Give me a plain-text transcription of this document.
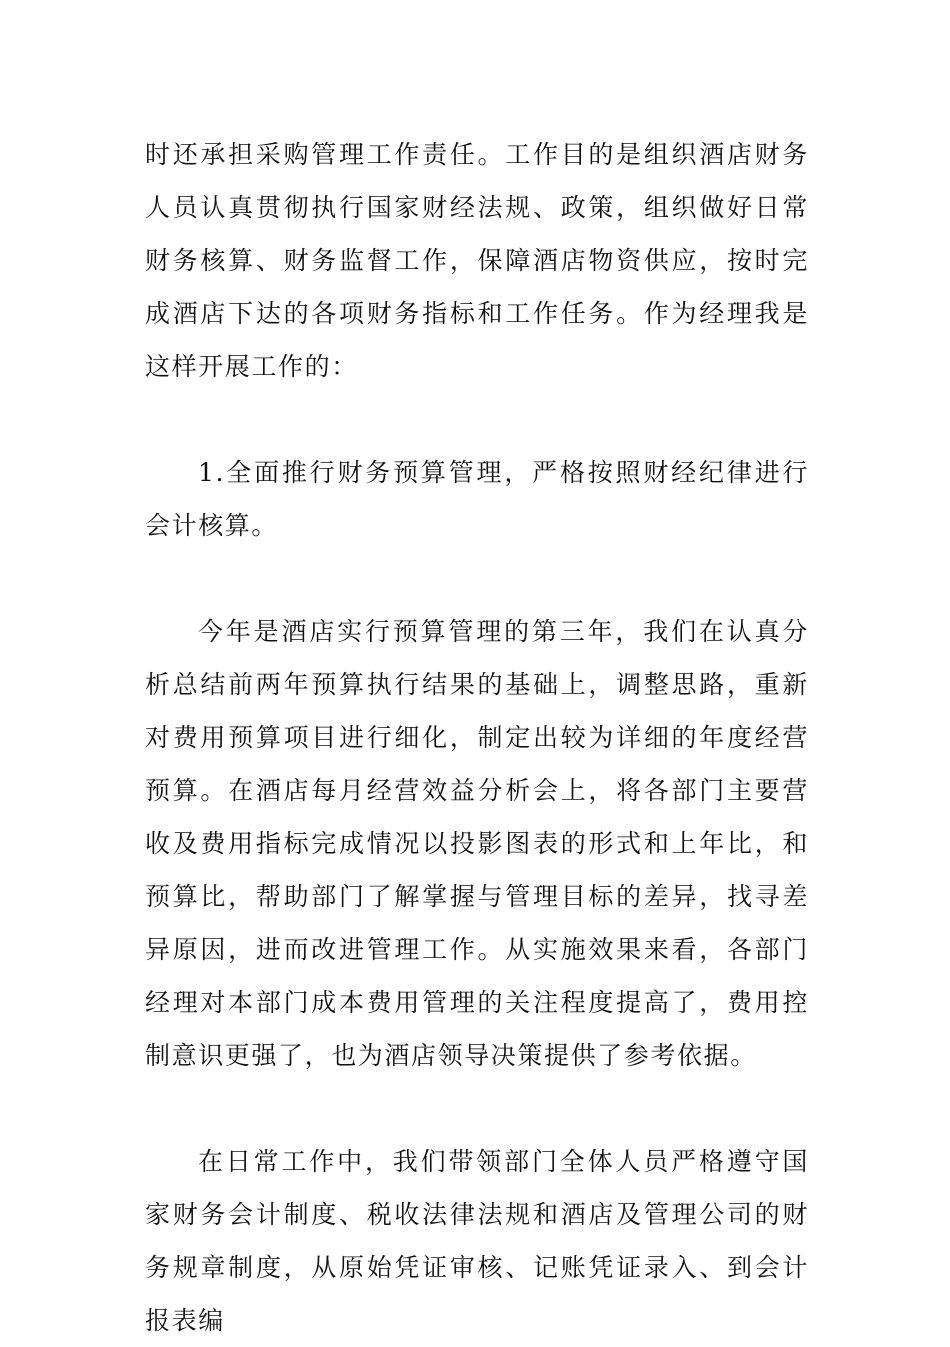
时还承担采购管理工作责任。工作目的是组织酒店财务人员认真贯彻执行国家财经法规、政策，组织做好日常财务核算、财务监督工作，保障酒店物资供应，按时完成酒店下达的各项财务指标和工作任务。作为经理我是这样开展工作的：

1.全面推行财务预算管理，严格按照财经纪律进行会计核算。

今年是酒店实行预算管理的第三年，我们在认真分析总结前两年预算执行结果的基础上，调整思路，重新对费用预算项目进行细化，制定出较为详细的年度经营预算。在酒店每月经营效益分析会上，将各部门主要营收及费用指标完成情况以投影图表的形式和上年比，和预算比，帮助部门了解掌握与管理目标的差异，找寻差异原因，进而改进管理工作。从实施效果来看，各部门经理对本部门成本费用管理的关注程度提高了，费用控制意识更强了，也为酒店领导决策提供了参考依据。

在日常工作中，我们带领部门全体人员严格遵守国家财务会计制度、税收法律法规和酒店及管理公司的财务规章制度，从原始凭证审核、记账凭证录入、到会计报表编
